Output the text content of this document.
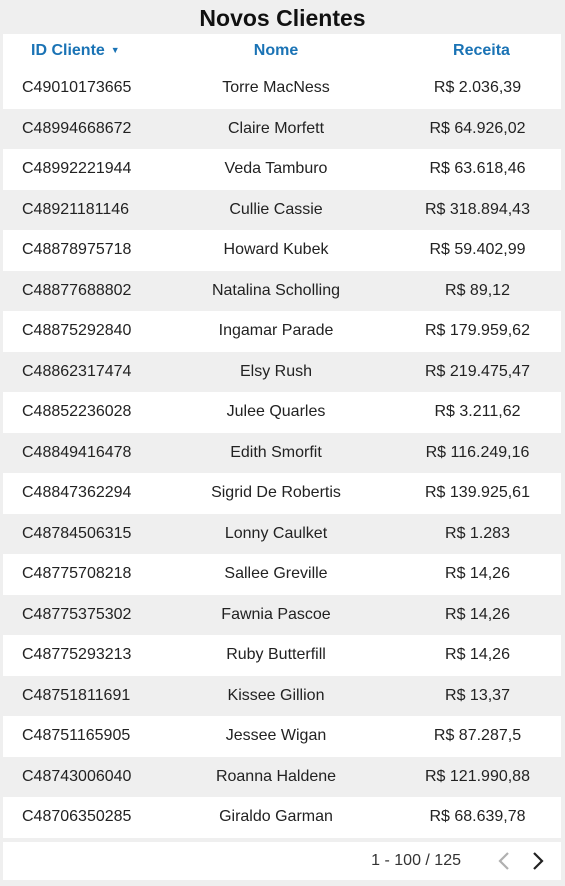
Novos Clientes
ID Cliente ▼	Nome	Receita
C49010173665	Torre MacNess	R$ 2.036,39
C48994668672	Claire Morfett	R$ 64.926,02
C48992221944	Veda Tamburo	R$ 63.618,46
C48921181146	Cullie Cassie	R$ 318.894,43
C48878975718	Howard Kubek	R$ 59.402,99
C48877688802	Natalina Scholling	R$ 89,12
C48875292840	Ingamar Parade	R$ 179.959,62
C48862317474	Elsy Rush	R$ 219.475,47
C48852236028	Julee Quarles	R$ 3.211,62
C48849416478	Edith Smorfit	R$ 116.249,16
C48847362294	Sigrid De Robertis	R$ 139.925,61
C48784506315	Lonny Caulket	R$ 1.283
C48775708218	Sallee Greville	R$ 14,26
C48775375302	Fawnia Pascoe	R$ 14,26
C48775293213	Ruby Butterfill	R$ 14,26
C48751811691	Kissee Gillion	R$ 13,37
C48751165905	Jessee Wigan	R$ 87.287,5
C48743006040	Roanna Haldene	R$ 121.990,88
C48706350285	Giraldo Garman	R$ 68.639,78
1 - 100 / 125
